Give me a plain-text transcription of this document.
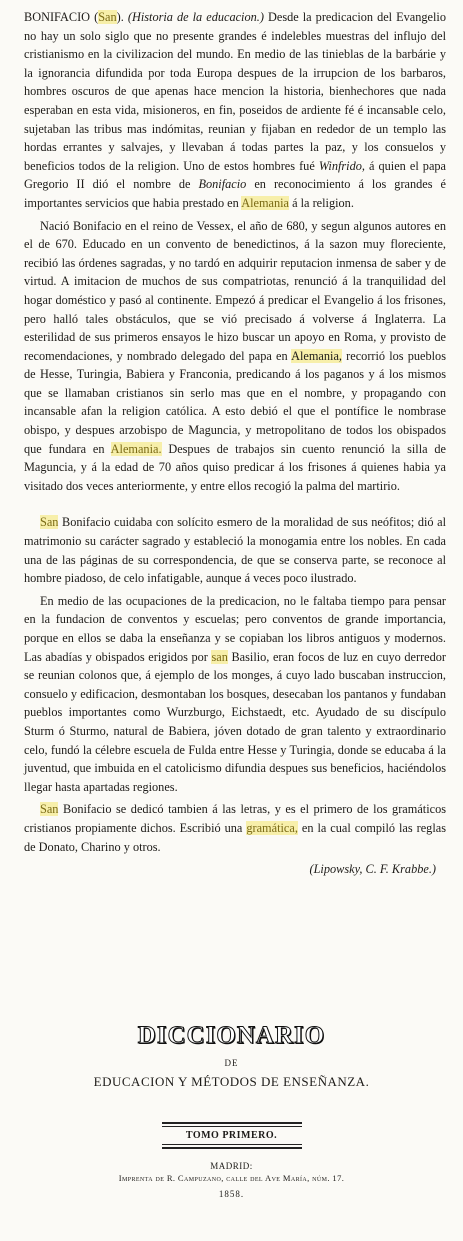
BONIFACIO (San). (Historia de la educacion.) Desde la predicacion del Evangelio no hay un solo siglo que no presente grandes é indelebles muestras del influjo del cristianismo en la civilizacion del mundo. En medio de las tinieblas de la barbárie y la ignorancia difundida por toda Europa despues de la irrupcion de los barbaros, hombres oscuros de que apenas hace mencion la historia, bienhechores que nada esperaban en esta vida, misioneros, en fin, poseidos de ardiente fé é incansable celo, sujetaban las tribus mas indómitas, reunian y fijaban en rededor de un templo las hordas errantes y salvajes, y llevaban á todas partes la paz, y los consuelos y beneficios todos de la religion. Uno de estos hombres fué Winfrido, á quien el papa Gregorio II dió el nombre de Bonifacio en reconocimiento á los grandes é importantes servicios que habia prestado en Alemania á la religion.

Nació Bonifacio en el reino de Vessex, el año de 680, y segun algunos autores en el de 670. Educado en un convento de benedictinos, á la sazon muy floreciente, recibió las órdenes sagradas, y no tardó en adquirir reputacion inmensa de saber y de virtud. A imitacion de muchos de sus compatriotas, renunció á la tranquilidad del hogar doméstico y pasó al continente. Empezó á predicar el Evangelio á los frisones, pero halló tales obstáculos, que se vió precisado á volverse á Inglaterra. La esterilidad de sus primeros ensayos le hizo buscar un apoyo en Roma, y provisto de recomendaciones, y nombrado delegado del papa en Alemania, recorrió los pueblos de Hesse, Turingia, Babiera y Franconia, predicando á los paganos y á los mismos que se llamaban cristianos sin serlo mas que en el nombre, y propagando con incansable afan la religion católica. A esto debió el que el pontífice le nombrase obispo, y despues arzobispo de Maguncia, y metropolitano de todos los obispados que fundara en Alemania. Despues de trabajos sin cuento renunció la silla de Maguncia, y á la edad de 70 años quiso predicar á los frisones á quienes habia ya visitado dos veces anteriormente, y entre ellos recogió la palma del martirio.

San Bonifacio cuidaba con solícito esmero de la moralidad de sus neófitos; dió al matrimonio su carácter sagrado y estableció la monogamia entre los nobles. En cada una de las páginas de su correspondencia, de que se conserva parte, se reconoce al hombre piadoso, de celo infatigable, aunque á veces poco ilustrado.

En medio de las ocupaciones de la predicacion, no le faltaba tiempo para pensar en la fundacion de conventos y escuelas; pero conventos de grande importancia, porque en ellos se daba la enseñanza y se copiaban los libros antiguos y modernos. Las abadías y obispados erigidos por san Basilio, eran focos de luz en cuyo derredor se reunian colonos que, á ejemplo de los monges, á cuyo lado buscaban instruccion, consuelo y edificacion, desmontaban los bosques, desecaban los pantanos y fundaban pueblos importantes como Wurzburgo, Eichstaedt, etc. Ayudado de su discípulo Sturm ó Sturmo, natural de Babiera, jóven dotado de gran talento y extraordinario celo, fundó la célebre escuela de Fulda entre Hesse y Turingia, donde se educaba á la juventud, que imbuida en el catolicismo difundia despues sus beneficios, haciéndolos llegar hasta apartadas regiones.

San Bonifacio se dedicó tambien á las letras, y es el primero de los gramáticos cristianos propiamente dichos. Escribió una gramática, en la cual compiló las reglas de Donato, Charino y otros.

(Lipowsky, C. F. Krabbe.)

DICCIONARIO
DE
EDUCACION Y MÉTODOS DE ENSEÑANZA.
TOMO PRIMERO.
MADRID:
Imprenta de R. Campuzano, calle del Ave María, núm. 17.
1858.
